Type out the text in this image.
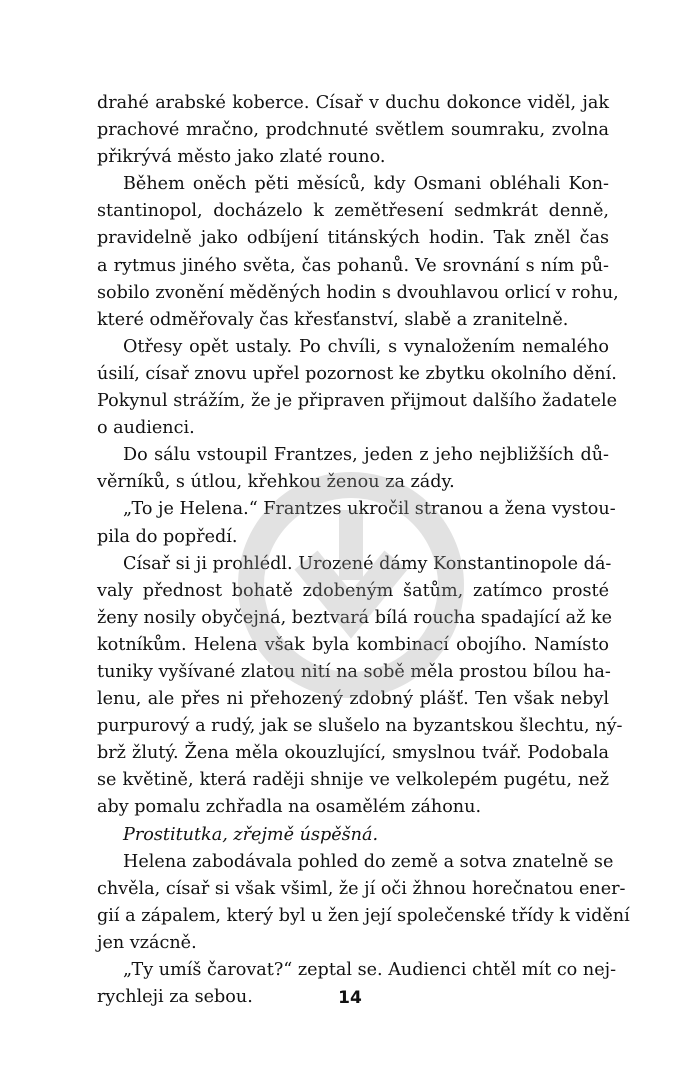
drahé arabské koberce. Císař v duchu dokonce viděl, jak
prachové mračno, prodchnuté světlem soumraku, zvolna
přikrývá město jako zlaté rouno.
Během oněch pěti měsíců, kdy Osmani obléhali Kon-
stantinopol, docházelo k zemětřesení sedmkrát denně,
pravidelně jako odbíjení titánských hodin. Tak zněl čas
a rytmus jiného světa, čas pohanů. Ve srovnání s ním pů-
sobilo zvonění měděných hodin s dvouhlavou orlicí v rohu,
které odměřovaly čas křesťanství, slabě a zranitelně.
Otřesy opět ustaly. Po chvíli, s vynaložením nemalého
úsilí, císař znovu upřel pozornost ke zbytku okolního dění.
Pokynul strážím, že je připraven přijmout dalšího žadatele
o audienci.
Do sálu vstoupil Frantzes, jeden z jeho nejbližších dů-
věrníků, s útlou, křehkou ženou za zády.
„To je Helena.“ Frantzes ukročil stranou a žena vystou-
pila do popředí.
Císař si ji prohlédl. Urozené dámy Konstantinopole dá-
valy přednost bohatě zdobeným šatům, zatímco prosté
ženy nosily obyčejná, beztvará bílá roucha spadající až ke
kotníkům. Helena však byla kombinací obojího. Namísto
tuniky vyšívané zlatou nití na sobě měla prostou bílou ha-
lenu, ale přes ni přehozený zdobný plášť. Ten však nebyl
purpurový a rudý, jak se slušelo na byzantskou šlechtu, ný-
brž žlutý. Žena měla okouzlující, smyslnou tvář. Podobala
se květině, která raději shnije ve velkolepém pugétu, než
aby pomalu zchřadla na osamělém záhonu.
Prostitutka, zřejmě úspěšná.
Helena zabodávala pohled do země a sotva znatelně se
chvěla, císař si však všiml, že jí oči žhnou horečnatou ener-
gií a zápalem, který byl u žen její společenské třídy k vidění
jen vzácně.
„Ty umíš čarovat?“ zeptal se. Audienci chtěl mít co nej-
rychleji za sebou.	14
